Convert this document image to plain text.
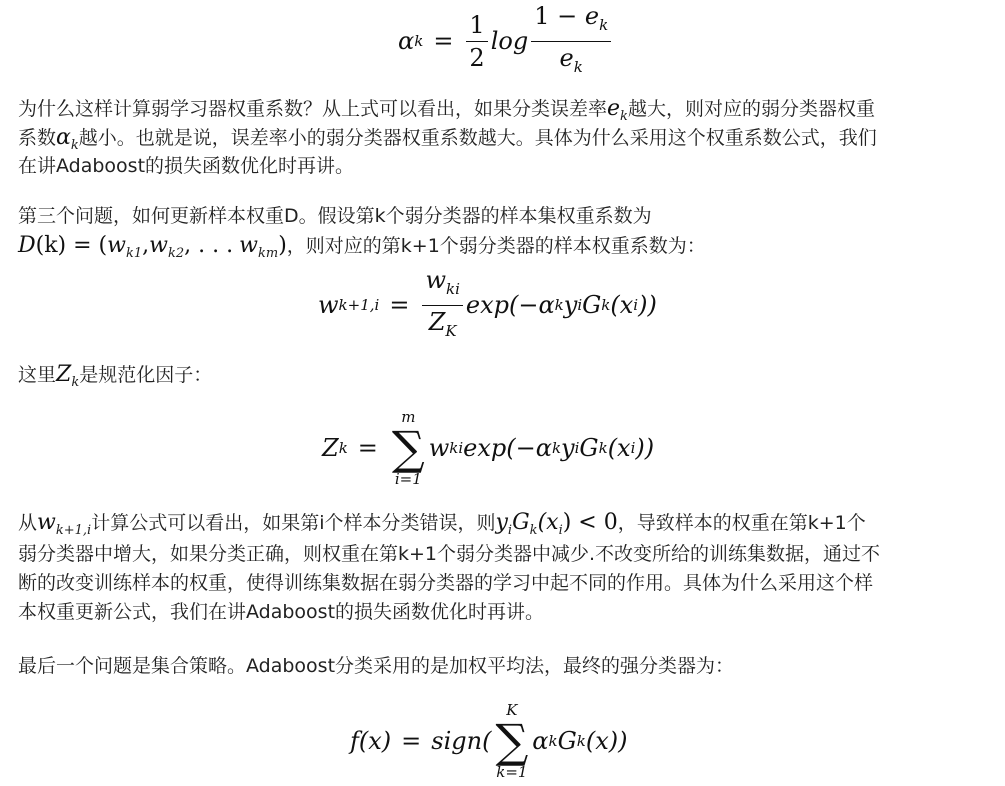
α $k = \frac{1}{2}$ $\log \frac{1 - e_k}{e_k}$

为什么这样计算弱学习器权重系数？从上式可以看出，如果分类误差率$e_k$越大，则对应的弱分类器权重
系数$\alpha_k$越小。也就是说，误差率小的弱分类器权重系数越大。具体为什么采用这个权重系数公式，我们
在讲Adaboost的损失函数优化时再讲。

第三个问题，如何更新样本权重D。假设第k个弱分类器的样本集权重系数为
$D(k) = (w_{k1},w_{k2}$, . . . $w_{km}$)，则对应的第k+1个弱分类器的样本权重系数为：

w $k+1,i = \frac{w_{ki}}{Z_K} \exp(-\alpha$ k y i G k (x i ))

这里$Z_k$是规范化因子：

Z k =
m
∑
i=1
w ki exp(−α k y i G k (x i ))

从$w_{k+1,i}$计算公式可以看出，如果第i个样本分类错误，则$y_iG_k(x_i) < 0$，导致样本的权重在第k+1个
弱分类器中增大，如果分类正确，则权重在第k+1个弱分类器中减少.不改变所给的训练集数据，通过不
断的改变训练样本的权重，使得训练集数据在弱分类器的学习中起不同的作用。具体为什么采用这个样
本权重更新公式，我们在讲Adaboost的损失函数优化时再讲。

最后一个问题是集合策略。Adaboost分类采用的是加权平均法，最终的强分类器为：

f(x) = sign(
K
∑
k=1
α k G k (x))
